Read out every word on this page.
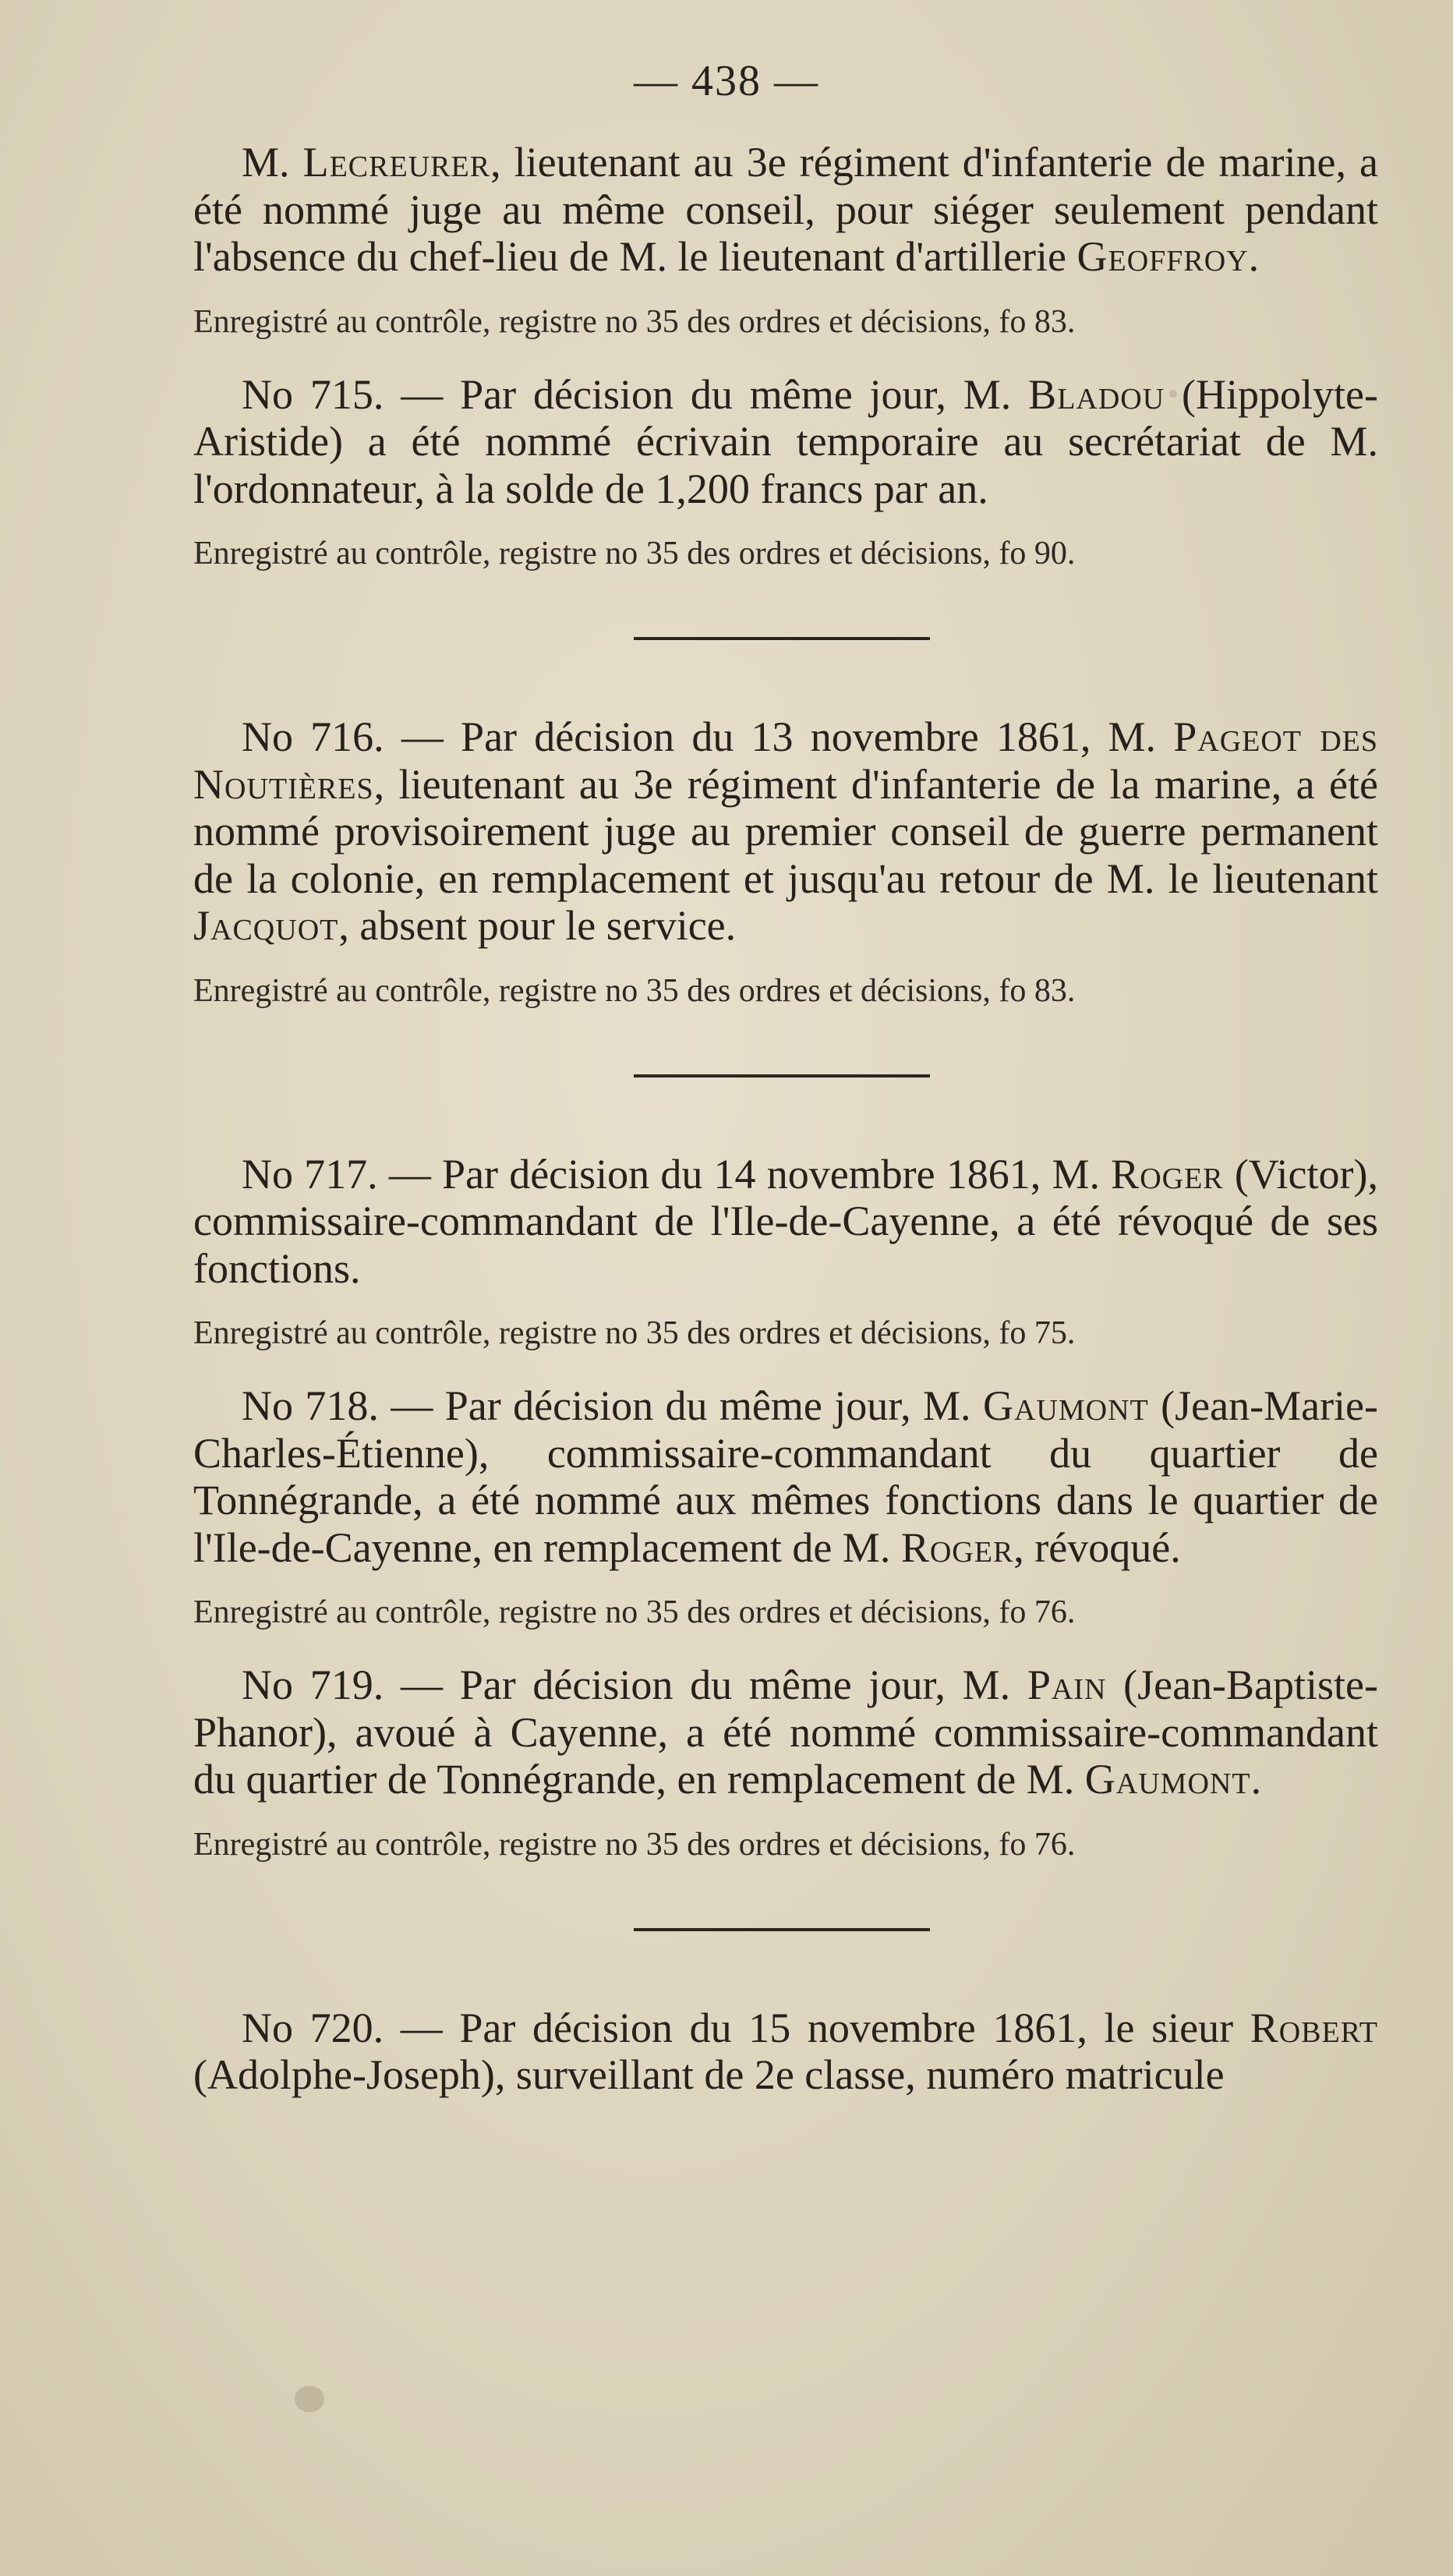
— 438 —

M. Lecreurer, lieutenant au 3e régiment d'infanterie de marine, a été nommé juge au même conseil, pour siéger seulement pendant l'absence du chef-lieu de M. le lieutenant d'artillerie Geoffroy.

Enregistré au contrôle, registre no 35 des ordres et décisions, fo 83.

No 715. — Par décision du même jour, M. Bladou (Hippolyte-Aristide) a été nommé écrivain temporaire au secrétariat de M. l'ordonnateur, à la solde de 1,200 francs par an.

Enregistré au contrôle, registre no 35 des ordres et décisions, fo 90.

No 716. — Par décision du 13 novembre 1861, M. Pageot des Noutières, lieutenant au 3e régiment d'infanterie de la marine, a été nommé provisoirement juge au premier conseil de guerre permanent de la colonie, en remplacement et jusqu'au retour de M. le lieutenant Jacquot, absent pour le service.

Enregistré au contrôle, registre no 35 des ordres et décisions, fo 83.

No 717. — Par décision du 14 novembre 1861, M. Roger (Victor), commissaire-commandant de l'Ile-de-Cayenne, a été révoqué de ses fonctions.

Enregistré au contrôle, registre no 35 des ordres et décisions, fo 75.

No 718. — Par décision du même jour, M. Gaumont (Jean-Marie-Charles-Étienne), commissaire-commandant du quartier de Tonnégrande, a été nommé aux mêmes fonctions dans le quartier de l'Ile-de-Cayenne, en remplacement de M. Roger, révoqué.

Enregistré au contrôle, registre no 35 des ordres et décisions, fo 76.

No 719. — Par décision du même jour, M. Pain (Jean-Baptiste-Phanor), avoué à Cayenne, a été nommé commissaire-commandant du quartier de Tonnégrande, en remplacement de M. Gaumont.

Enregistré au contrôle, registre no 35 des ordres et décisions, fo 76.

No 720. — Par décision du 15 novembre 1861, le sieur Robert (Adolphe-Joseph), surveillant de 2e classe, numéro matricule
